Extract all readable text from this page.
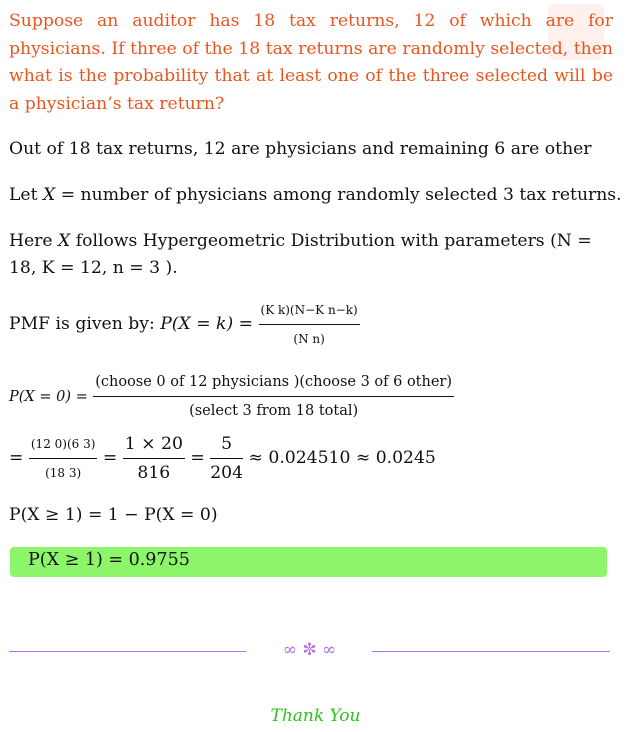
Suppose an auditor has 18 tax returns, 12 of which are for physicians. If three of the 18 tax returns are randomly selected, then what is the probability that at least one of the three selected will be a physician’s tax return?
Out of 18 tax returns, 12 are physicians and remaining 6 are other
Let X = number of physicians among randomly selected 3 tax returns.
Here X follows Hypergeometric Distribution with parameters (N = 18, K = 12, n = 3 ).
PMF is given by: $P(X = k) = \frac{\text{(K k)(N−K n−k)}}{\text{(N n)}}$
$P(X = 0) = \frac{\text{(choose 0 of 12 physicians )(choose 3 of 6 other)}}{\text{(select 3 from 18 total)}}$
= $\frac{(12 0)(6 3)}{(18 3)} = \frac{1 \times 20}{816} = \frac{5}{204} \approx 0.024510 \approx 0.0245$
P(X ≥ 1) = 1 − P(X = 0)
P(X ≥ 1) = 0.9755
∞ ✼ ∞
Thank You
